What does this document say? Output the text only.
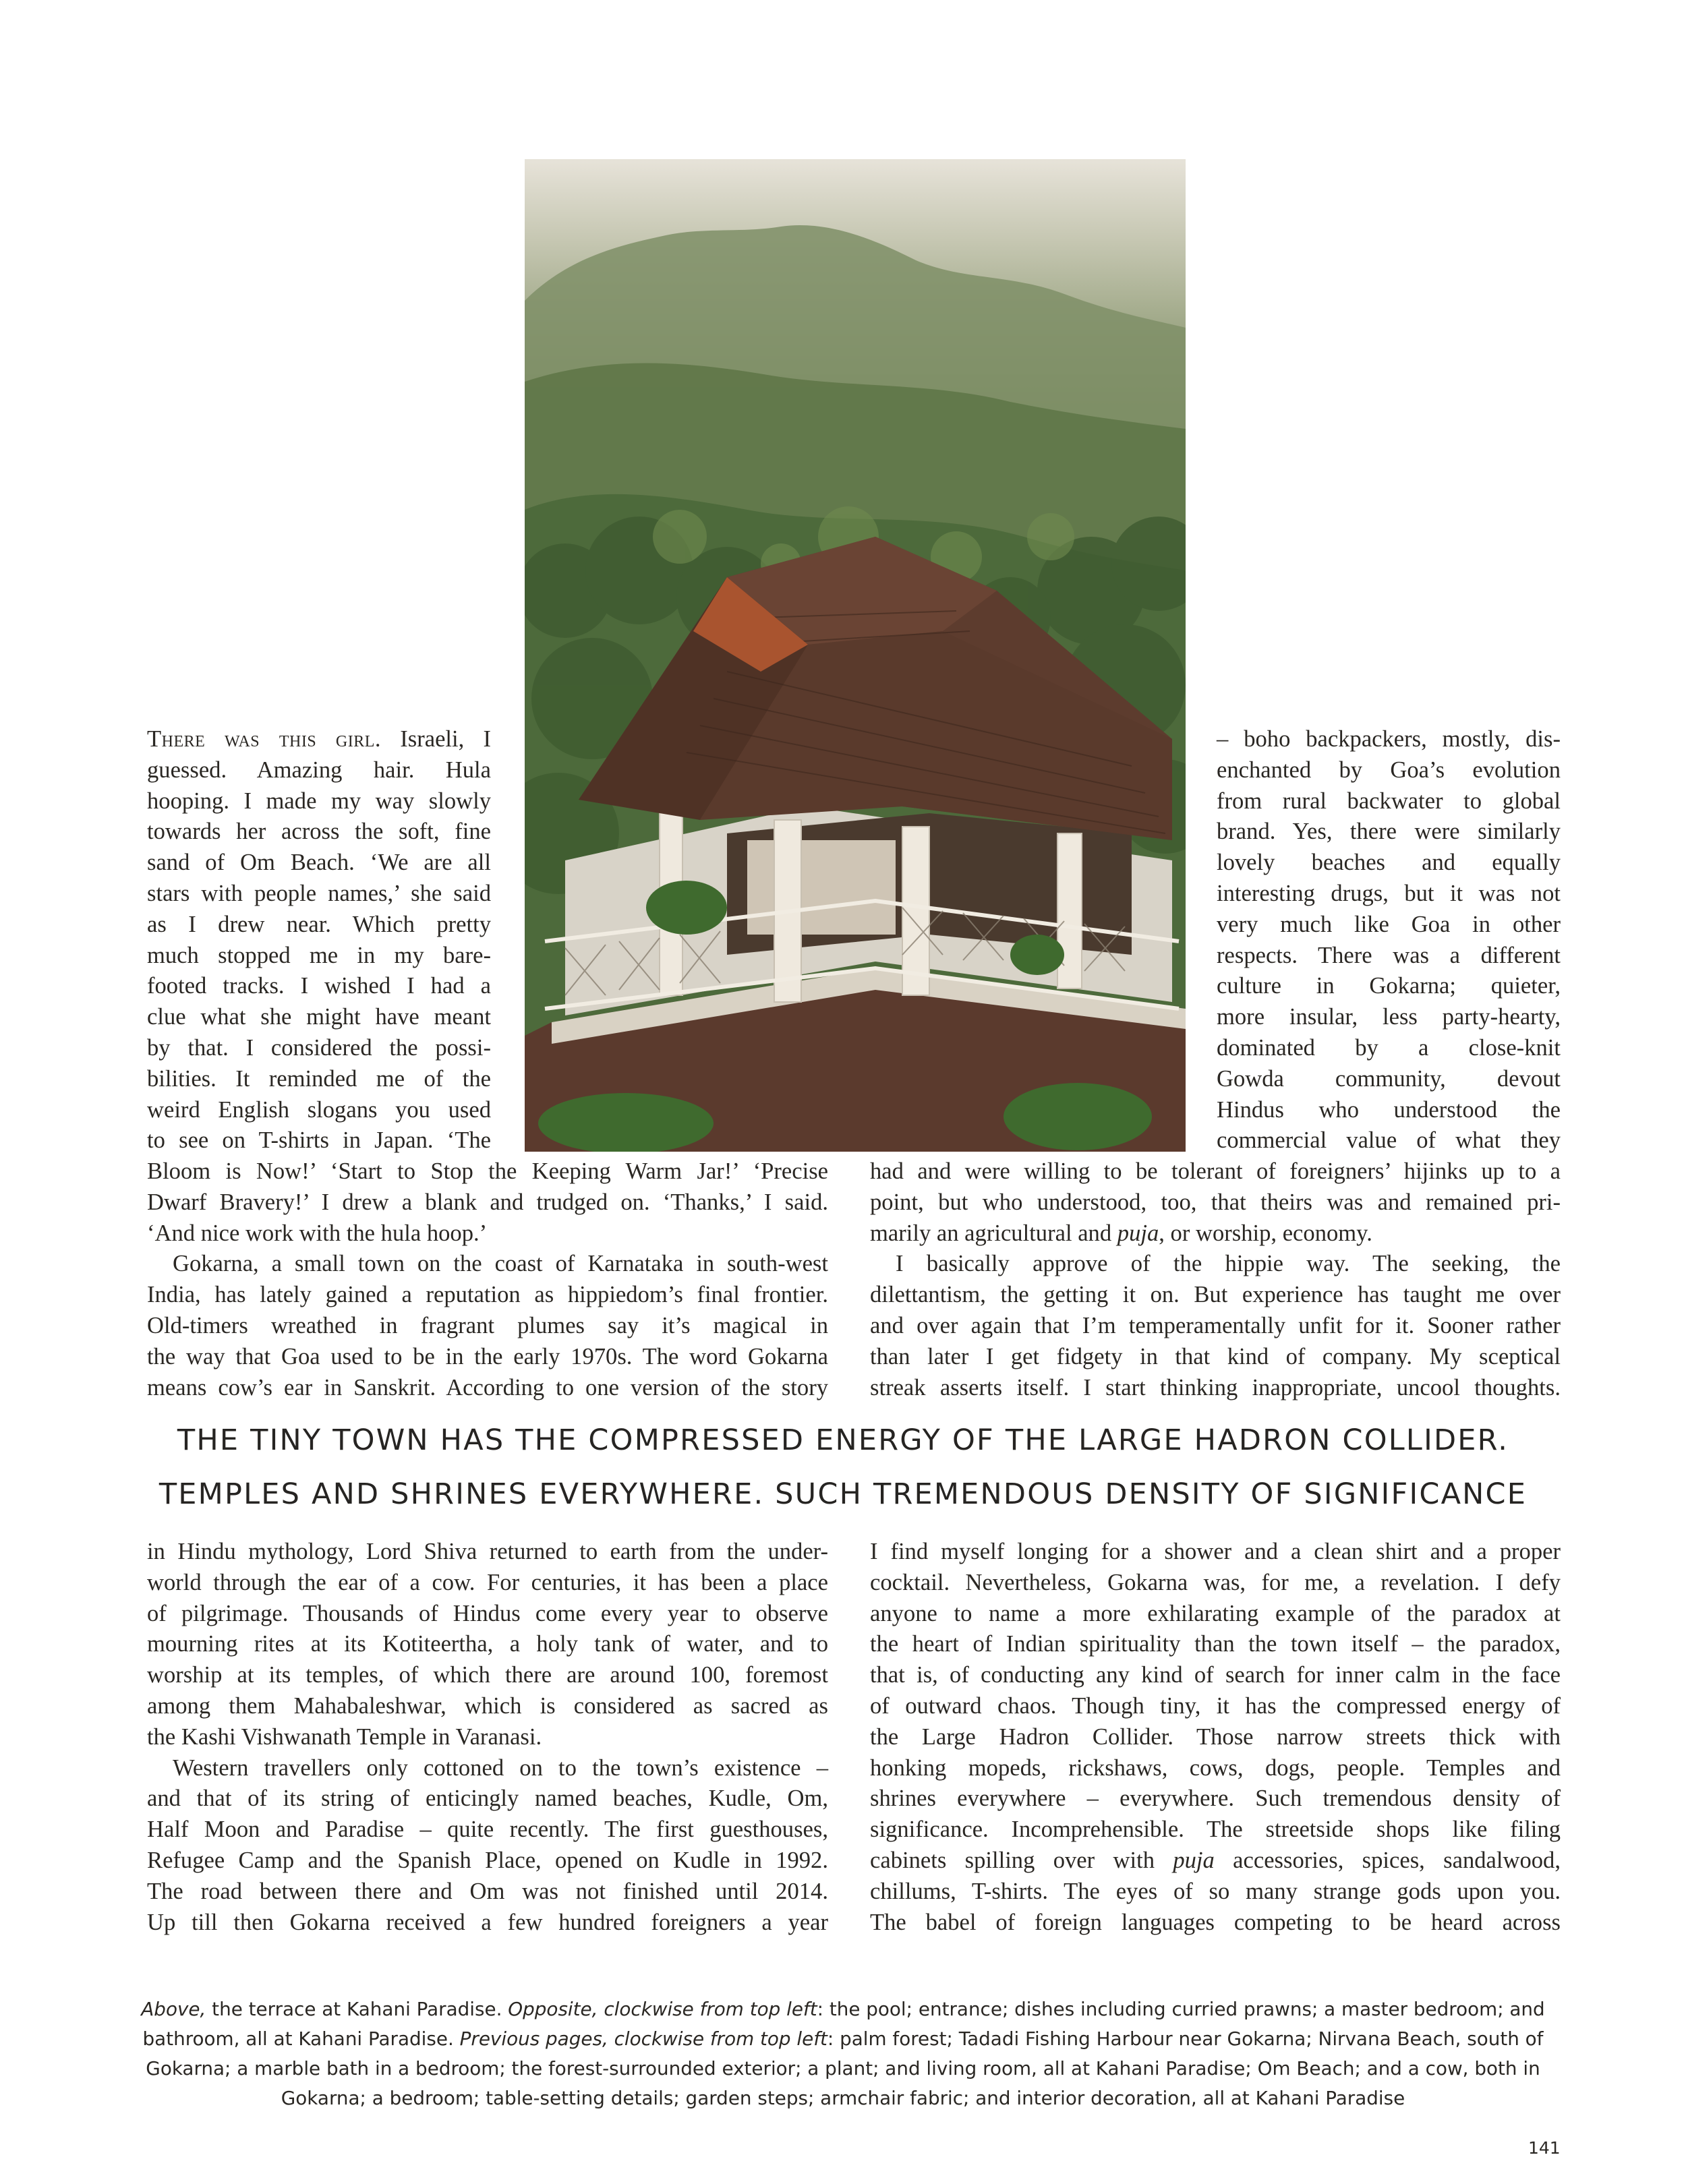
There was this girl. Israeli, I
guessed. Amazing hair. Hula
hooping. I made my way slowly
towards her across the soft, fine
sand of Om Beach. ‘We are all
stars with people names,’ she said
as I drew near. Which pretty
much stopped me in my bare-
footed tracks. I wished I had a
clue what she might have meant
by that. I considered the possi-
bilities. It reminded me of the
weird English slogans you used
to see on T-shirts in Japan. ‘The
Bloom is Now!’ ‘Start to Stop the Keeping Warm Jar!’ ‘Precise
Dwarf Bravery!’ I drew a blank and trudged on. ‘Thanks,’ I said.
‘And nice work with the hula hoop.’
Gokarna, a small town on the coast of Karnataka in south-west
India, has lately gained a reputation as hippiedom’s final frontier.
Old-timers wreathed in fragrant plumes say it’s magical in
the way that Goa used to be in the early 1970s. The word Gokarna
means cow’s ear in Sanskrit. According to one version of the story
– boho backpackers, mostly, dis-
enchanted by Goa’s evolution
from rural backwater to global
brand. Yes, there were similarly
lovely beaches and equally
interesting drugs, but it was not
very much like Goa in other
respects. There was a different
culture in Gokarna; quieter,
more insular, less party-hearty,
dominated by a close-knit
Gowda community, devout
Hindus who understood the
commercial value of what they
had and were willing to be tolerant of foreigners’ hijinks up to a
point, but who understood, too, that theirs was and remained pri-
marily an agricultural and puja, or worship, economy.
I basically approve of the hippie way. The seeking, the
dilettantism, the getting it on. But experience has taught me over
and over again that I’m temperamentally unfit for it. Sooner rather
than later I get fidgety in that kind of company. My sceptical
streak asserts itself. I start thinking inappropriate, uncool thoughts.
THE TINY TOWN HAS THE COMPRESSED ENERGY OF THE LARGE HADRON COLLIDER.
TEMPLES AND SHRINES EVERYWHERE. SUCH TREMENDOUS DENSITY OF SIGNIFICANCE
in Hindu mythology, Lord Shiva returned to earth from the under-
world through the ear of a cow. For centuries, it has been a place
of pilgrimage. Thousands of Hindus come every year to observe
mourning rites at its Kotiteertha, a holy tank of water, and to
worship at its temples, of which there are around 100, foremost
among them Mahabaleshwar, which is considered as sacred as
the Kashi Vishwanath Temple in Varanasi.
Western travellers only cottoned on to the town’s existence –
and that of its string of enticingly named beaches, Kudle, Om,
Half Moon and Paradise – quite recently. The first guesthouses,
Refugee Camp and the Spanish Place, opened on Kudle in 1992.
The road between there and Om was not finished until 2014.
Up till then Gokarna received a few hundred foreigners a year
I find myself longing for a shower and a clean shirt and a proper
cocktail. Nevertheless, Gokarna was, for me, a revelation. I defy
anyone to name a more exhilarating example of the paradox at
the heart of Indian spirituality than the town itself – the paradox,
that is, of conducting any kind of search for inner calm in the face
of outward chaos. Though tiny, it has the compressed energy of
the Large Hadron Collider. Those narrow streets thick with
honking mopeds, rickshaws, cows, dogs, people. Temples and
shrines everywhere – everywhere. Such tremendous density of
significance. Incomprehensible. The streetside shops like filing
cabinets spilling over with puja accessories, spices, sandalwood,
chillums, T-shirts. The eyes of so many strange gods upon you.
The babel of foreign languages competing to be heard across
Above, the terrace at Kahani Paradise. Opposite, clockwise from top left: the pool; entrance; dishes including curried prawns; a master bedroom; and bathroom, all at Kahani Paradise. Previous pages, clockwise from top left: palm forest; Tadadi Fishing Harbour near Gokarna; Nirvana Beach, south of Gokarna; a marble bath in a bedroom; the forest-surrounded exterior; a plant; and living room, all at Kahani Paradise; Om Beach; and a cow, both in Gokarna; a bedroom; table-setting details; garden steps; armchair fabric; and interior decoration, all at Kahani Paradise
141
